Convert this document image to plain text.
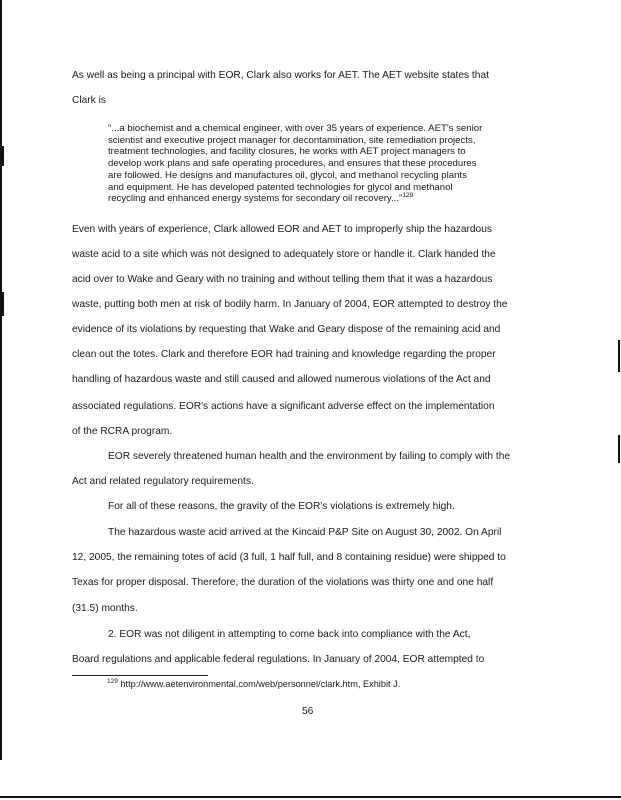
As well as being a principal with EOR, Clark also works for AET. The AET website states that
Clark is
"...a biochemist and a chemical engineer, with over 35 years of experience. AET's senior
scientist and executive project manager for decontamination, site remediation projects,
treatment technologies, and facility closures, he works with AET project managers to
develop work plans and safe operating procedures, and ensures that these procedures
are followed. He designs and manufactures oil, glycol, and methanol recycling plants
and equipment. He has developed patented technologies for glycol and methanol
recycling and enhanced energy systems for secondary oil recovery..."$^{129}$
Even with years of experience, Clark allowed EOR and AET to improperly ship the hazardous
waste acid to a site which was not designed to adequately store or handle it. Clark handed the
acid over to Wake and Geary with no training and without telling them that it was a hazardous
waste, putting both men at risk of bodily harm. In January of 2004, EOR attempted to destroy the
evidence of its violations by requesting that Wake and Geary dispose of the remaining acid and
clean out the totes. Clark and therefore EOR had training and knowledge regarding the proper
handling of hazardous waste and still caused and allowed numerous violations of the Act and
associated regulations. EOR's actions have a significant adverse effect on the implementation
of the RCRA program.
EOR severely threatened human health and the environment by failing to comply with the
Act and related regulatory requirements.
For all of these reasons, the gravity of the EOR's violations is extremely high.
The hazardous waste acid arrived at the Kincaid P&P Site on August 30, 2002. On April
12, 2005, the remaining totes of acid (3 full, 1 half full, and 8 containing residue) were shipped to
Texas for proper disposal. Therefore, the duration of the violations was thirty one and one half
(31.5) months.
2. EOR was not diligent in attempting to come back into compliance with the Act,
Board regulations and applicable federal regulations. In January of 2004, EOR attempted to
$^{129}$ http://www.aetenvironmental.com/web/personnel/clark.htm, Exhibit J.
56
